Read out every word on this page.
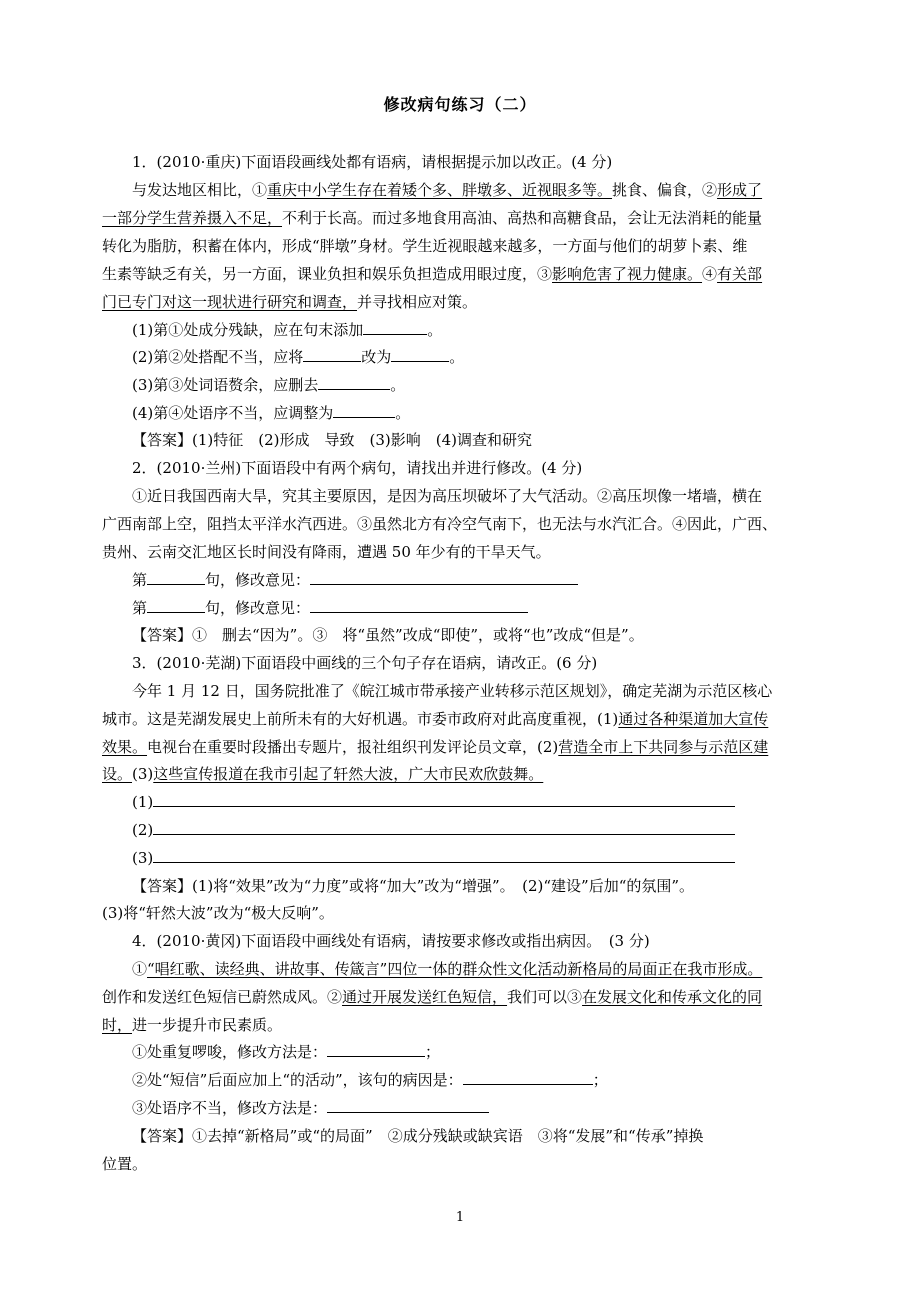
修改病句练习（二）
1．(2010·重庆)下面语段画线处都有语病，请根据提示加以改正。(4 分)
与发达地区相比，①重庆中小学生存在着矮个多、胖墩多、近视眼多等。挑食、偏食，②形成了
一部分学生营养摄入不足，不利于长高。而过多地食用高油、高热和高糖食品，会让无法消耗的能量
转化为脂肪，积蓄在体内，形成“胖墩”身材。学生近视眼越来越多，一方面与他们的胡萝卜素、维
生素等缺乏有关，另一方面，课业负担和娱乐负担造成用眼过度，③影响危害了视力健康。④有关部
门已专门对这一现状进行研究和调查，并寻找相应对策。
(1)第①处成分残缺，应在句末添加	。
(2)第②处搭配不当，应将	改为	。
(3)第③处词语赘余，应删去	。
(4)第④处语序不当，应调整为	。
【答案】(1)特征　(2)形成　导致　(3)影响　(4)调查和研究
2．(2010·兰州)下面语段中有两个病句，请找出并进行修改。(4 分)
①近日我国西南大旱，究其主要原因，是因为高压坝破坏了大气活动。②高压坝像一堵墙，横在
广西南部上空，阻挡太平洋水汽西进。③虽然北方有冷空气南下，也无法与水汽汇合。④因此，广西、
贵州、云南交汇地区长时间没有降雨，遭遇 50 年少有的干旱天气。
第	句，修改意见：
第	句，修改意见：
【答案】①　删去“因为”。③　将“虽然”改成“即使”，或将“也”改成“但是”。
3．(2010·芜湖)下面语段中画线的三个句子存在语病，请改正。(6 分)
今年 1 月 12 日，国务院批准了《皖江城市带承接产业转移示范区规划》，确定芜湖为示范区核心
城市。这是芜湖发展史上前所未有的大好机遇。市委市政府对此高度重视，(1)通过各种渠道加大宣传
效果。电视台在重要时段播出专题片，报社组织刊发评论员文章，(2)营造全市上下共同参与示范区建
设。(3)这些宣传报道在我市引起了轩然大波，广大市民欢欣鼓舞。
(1)
(2)
(3)
【答案】(1)将“效果”改为“力度”或将“加大”改为“增强”。　(2)“建设”后加“的氛围”。
(3)将“轩然大波”改为“极大反响”。
4．(2010·黄冈)下面语段中画线处有语病，请按要求修改或指出病因。　(3 分)
①“唱红歌、读经典、讲故事、传箴言”四位一体的群众性文化活动新格局的局面正在我市形成。
创作和发送红色短信已蔚然成风。②通过开展发送红色短信，我们可以③在发展文化和传承文化的同
时，进一步提升市民素质。
①处重复啰唆，修改方法是：	；
②处“短信”后面应加上“的活动”，该句的病因是：	；
③处语序不当，修改方法是：
【答案】①去掉“新格局”或“的局面”　②成分残缺或缺宾语　③将“发展”和“传承”掉换
位置。
1
